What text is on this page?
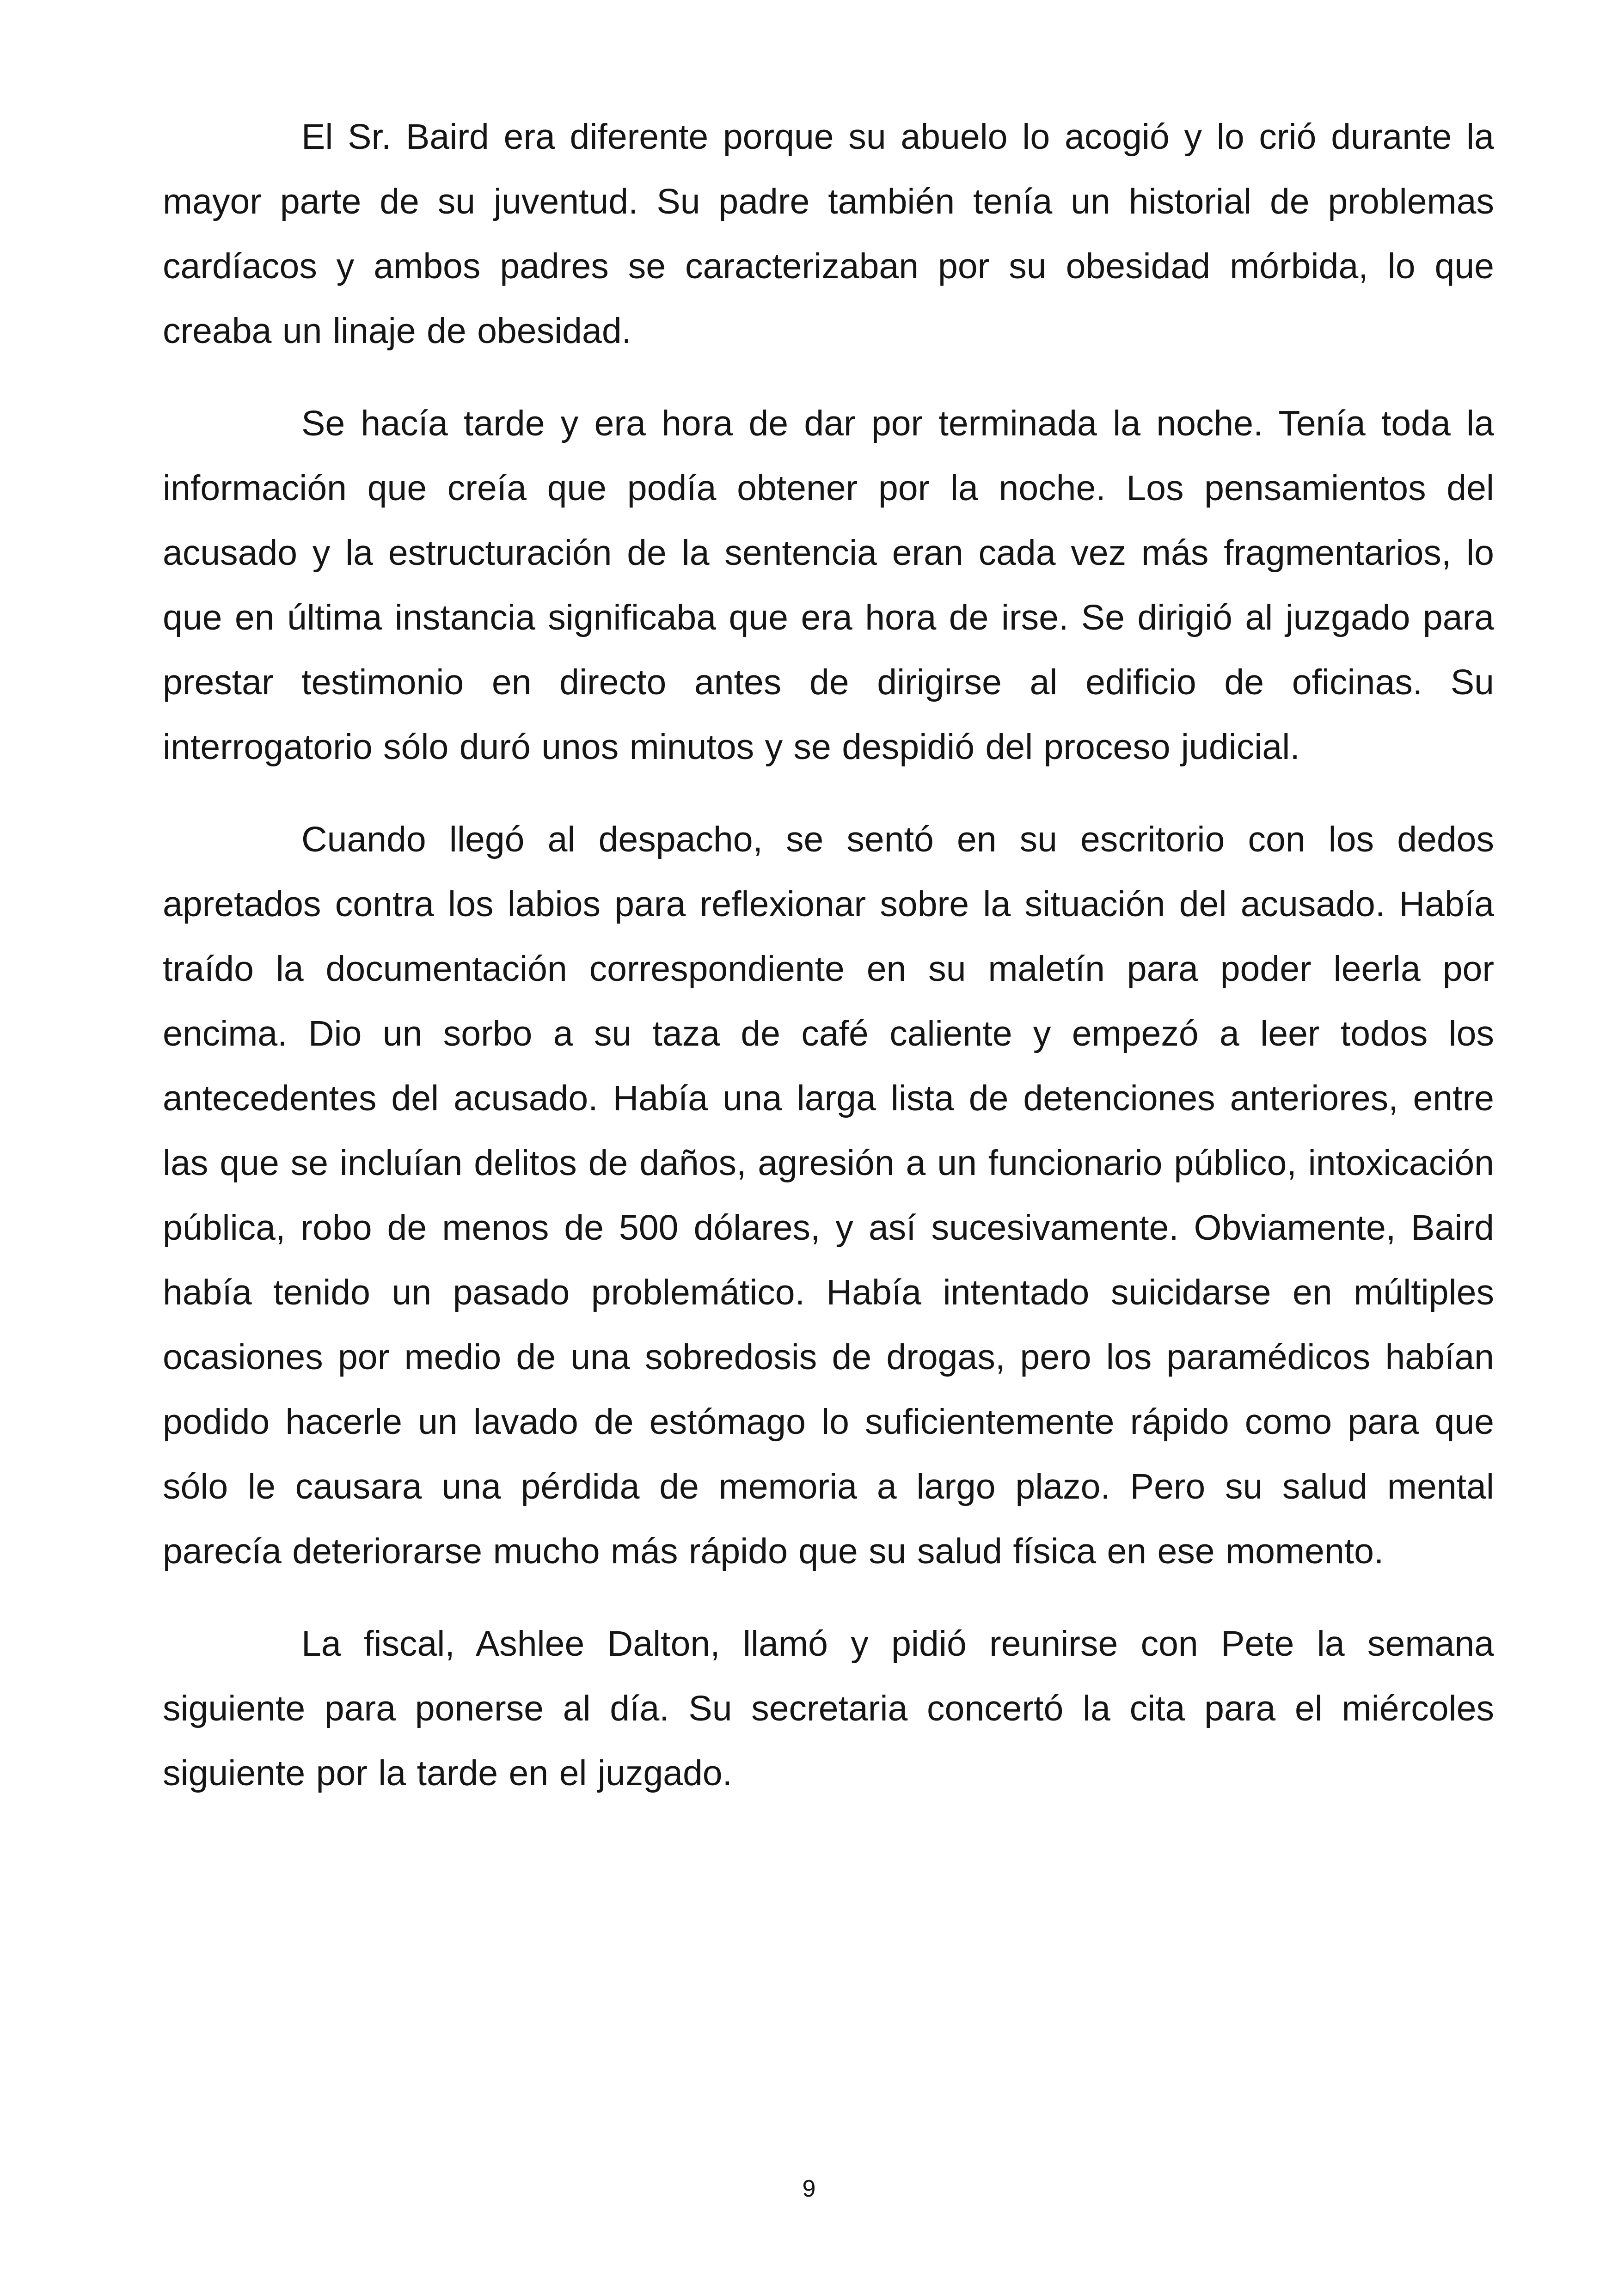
El Sr. Baird era diferente porque su abuelo lo acogió y lo crió durante la mayor parte de su juventud. Su padre también tenía un historial de problemas cardíacos y ambos padres se caracterizaban por su obesidad mórbida, lo que creaba un linaje de obesidad.

Se hacía tarde y era hora de dar por terminada la noche. Tenía toda la información que creía que podía obtener por la noche. Los pensamientos del acusado y la estructuración de la sentencia eran cada vez más fragmentarios, lo que en última instancia significaba que era hora de irse. Se dirigió al juzgado para prestar testimonio en directo antes de dirigirse al edificio de oficinas. Su interrogatorio sólo duró unos minutos y se despidió del proceso judicial.

Cuando llegó al despacho, se sentó en su escritorio con los dedos apretados contra los labios para reflexionar sobre la situación del acusado. Había traído la documentación correspondiente en su maletín para poder leerla por encima. Dio un sorbo a su taza de café caliente y empezó a leer todos los antecedentes del acusado. Había una larga lista de detenciones anteriores, entre las que se incluían delitos de daños, agresión a un funcionario público, intoxicación pública, robo de menos de 500 dólares, y así sucesivamente. Obviamente, Baird había tenido un pasado problemático. Había intentado suicidarse en múltiples ocasiones por medio de una sobredosis de drogas, pero los paramédicos habían podido hacerle un lavado de estómago lo suficientemente rápido como para que sólo le causara una pérdida de memoria a largo plazo. Pero su salud mental parecía deteriorarse mucho más rápido que su salud física en ese momento.

La fiscal, Ashlee Dalton, llamó y pidió reunirse con Pete la semana siguiente para ponerse al día. Su secretaria concertó la cita para el miércoles siguiente por la tarde en el juzgado.

9
